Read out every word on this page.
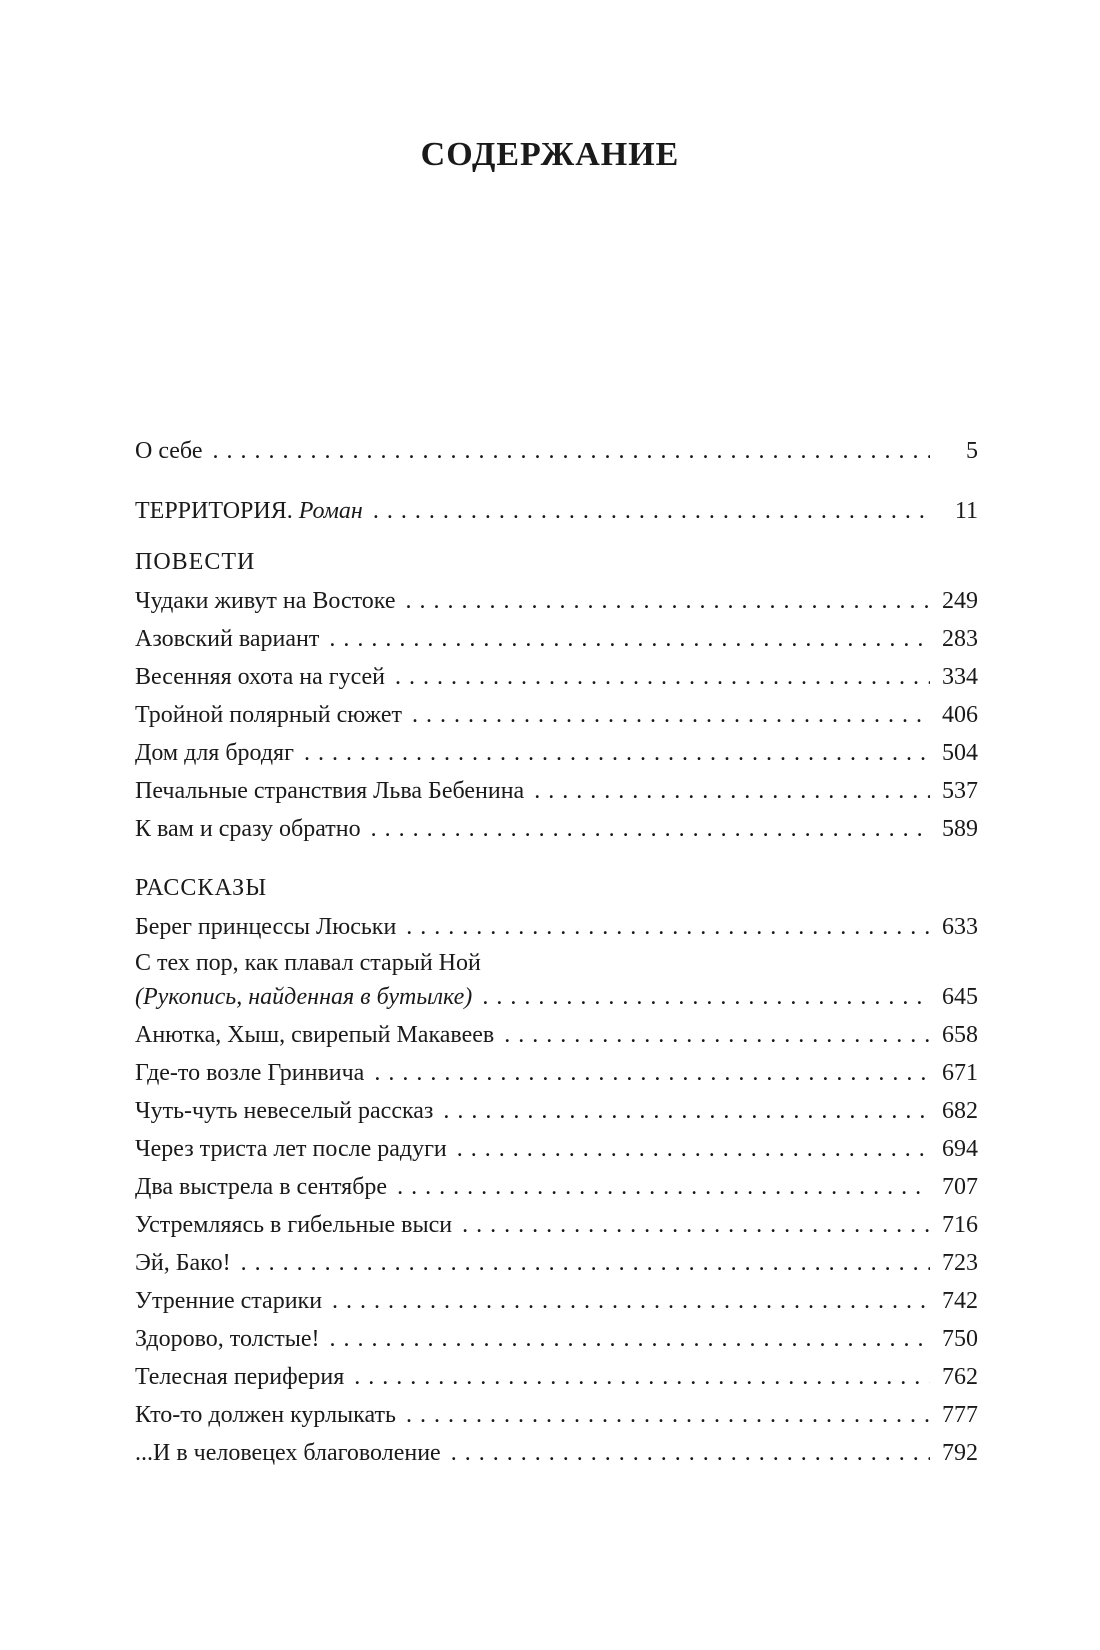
СОДЕРЖАНИЕ
О себе . . .	5
ТЕРРИТОРИЯ. Роман . . .	11
ПОВЕСТИ
Чудаки живут на Востоке . . .	249
Азовский вариант . . .	283
Весенняя охота на гусей . . .	334
Тройной полярный сюжет . . .	406
Дом для бродяг . . .	504
Печальные странствия Льва Бебенина . . .	537
К вам и сразу обратно . . .	589
РАССКАЗЫ
Берег принцессы Люськи . . .	633
С тех пор, как плавал старый Ной
(Рукопись, найденная в бутылке) . . .	645
Анютка, Хыш, свирепый Макавеев . . .	658
Где-то возле Гринвича . . .	671
Чуть-чуть невеселый рассказ . . .	682
Через триста лет после радуги . . .	694
Два выстрела в сентябре . . .	707
Устремляясь в гибельные выси . . .	716
Эй, Бако! . . .	723
Утренние старики . . .	742
Здорово, толстые! . . .	750
Телесная периферия . . .	762
Кто-то должен курлыкать . . .	777
...И в человецех благоволение . . .	792
